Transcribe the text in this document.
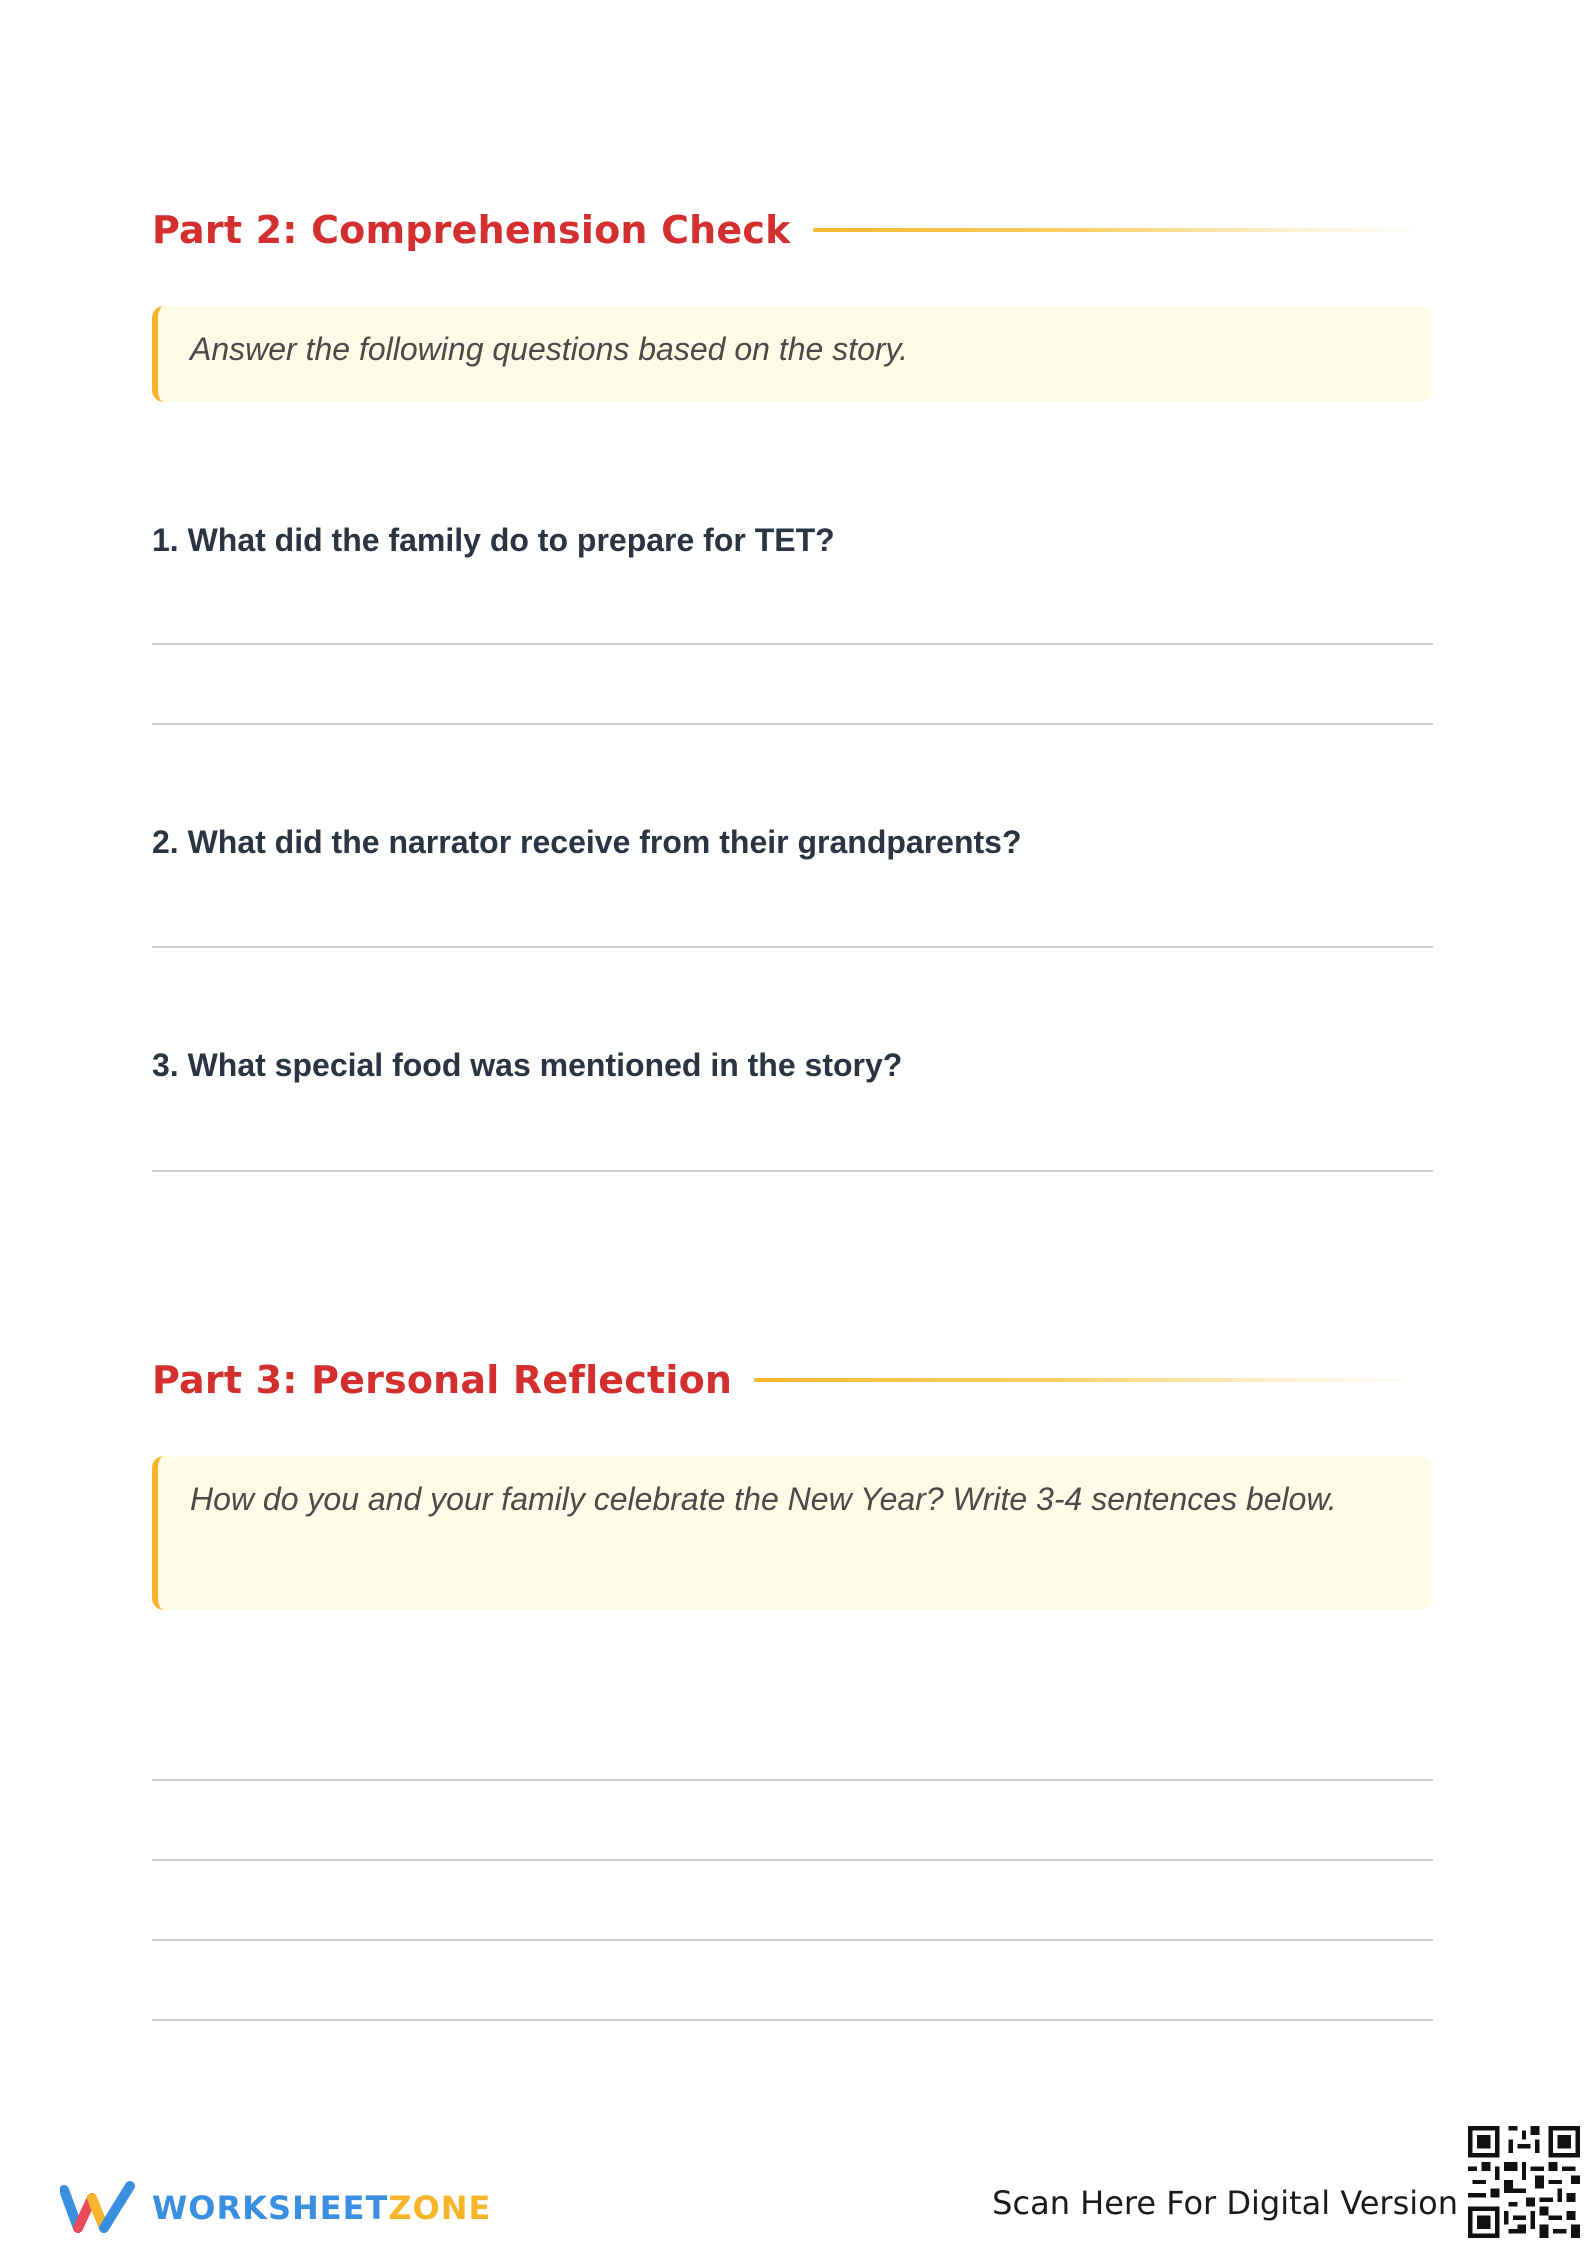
Part 2: Comprehension Check
Answer the following questions based on the story.
1. What did the family do to prepare for TET?
2. What did the narrator receive from their grandparents?
3. What special food was mentioned in the story?
Part 3: Personal Reflection
How do you and your family celebrate the New Year? Write 3-4 sentences below.
WORKSHEETZONE	Scan Here For Digital Version
